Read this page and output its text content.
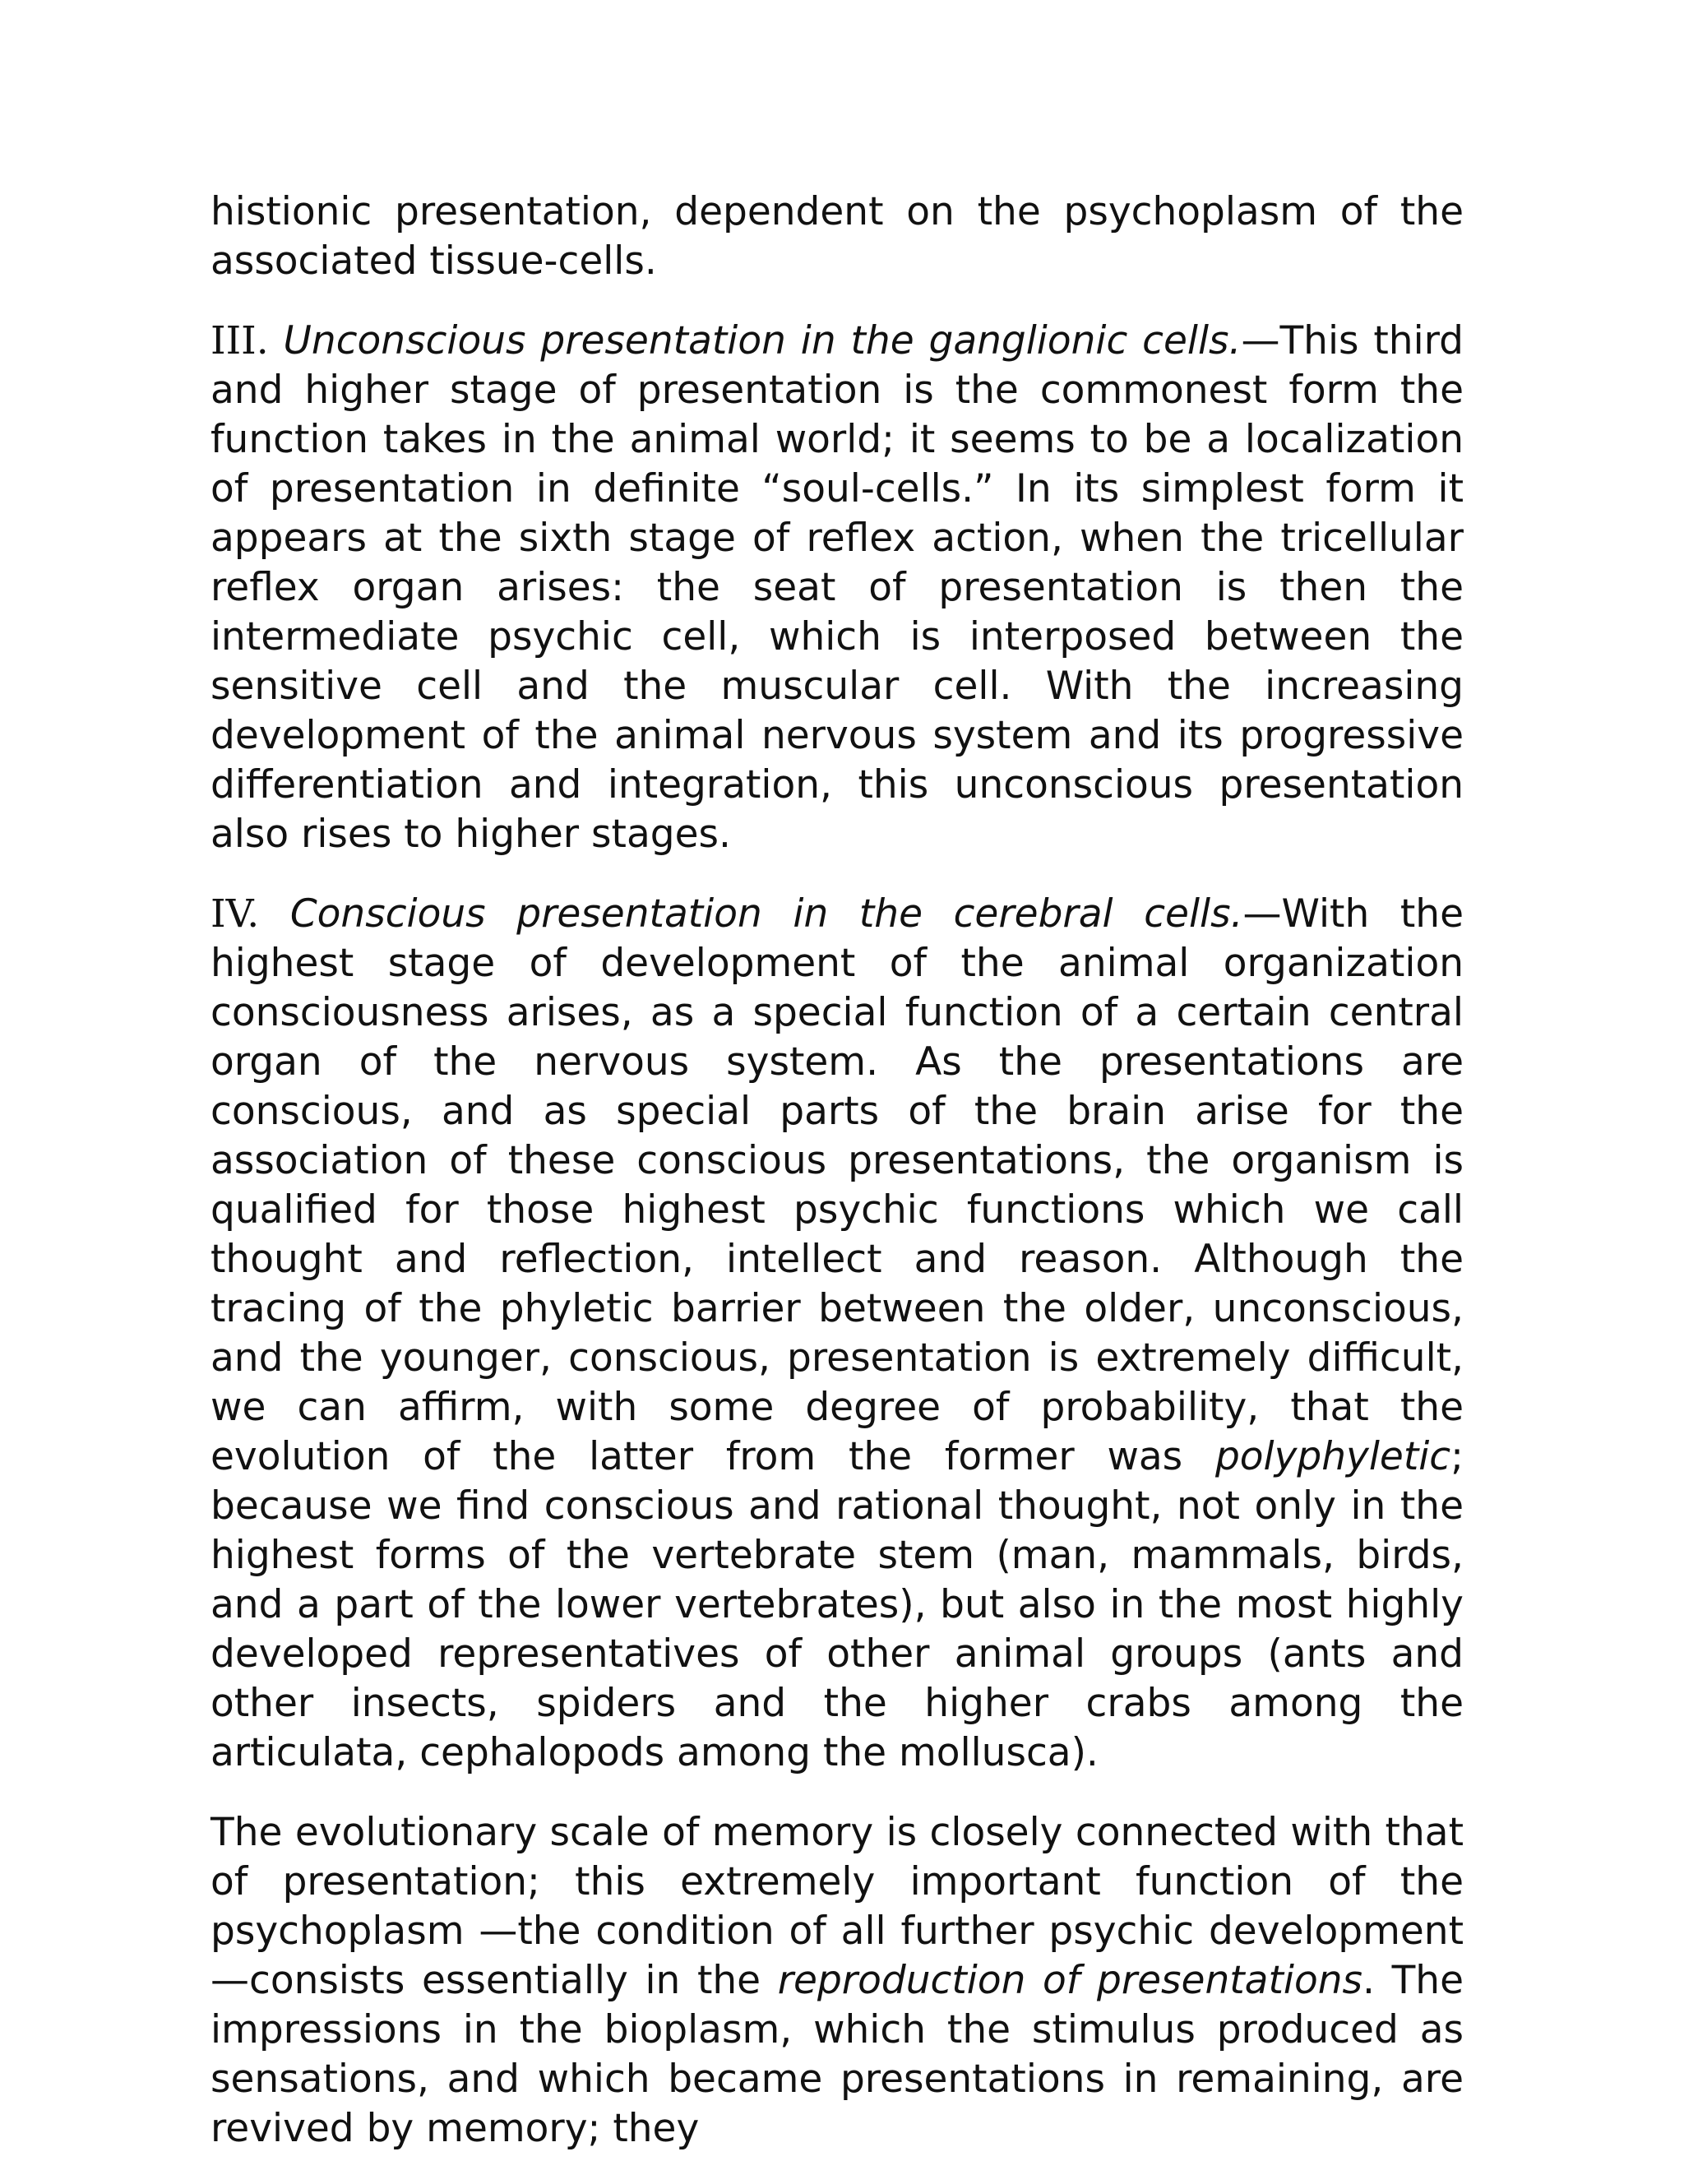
histionic presentation, dependent on the psychoplasm of the associated tissue-cells.

III. Unconscious presentation in the ganglionic cells.—This third and higher stage of presentation is the commonest form the function takes in the animal world; it seems to be a localization of presentation in definite “soul-cells.” In its simplest form it appears at the sixth stage of reflex action, when the tricellular reflex organ arises: the seat of presentation is then the intermediate psychic cell, which is interposed between the sensitive cell and the muscular cell. With the increasing development of the animal nervous system and its progressive differentiation and integration, this unconscious presentation also rises to higher stages.

IV. Conscious presentation in the cerebral cells.—With the highest stage of development of the animal organization consciousness arises, as a special function of a certain central organ of the nervous system. As the presentations are conscious, and as special parts of the brain arise for the association of these conscious presentations, the organism is qualified for those highest psychic functions which we call thought and reflection, intellect and reason. Although the tracing of the phyletic barrier between the older, unconscious, and the younger, conscious, presentation is extremely difficult, we can affirm, with some degree of probability, that the evolution of the latter from the former was polyphyletic; because we find conscious and rational thought, not only in the highest forms of the vertebrate stem (man, mammals, birds, and a part of the lower vertebrates), but also in the most highly developed representatives of other animal groups (ants and other insects, spiders and the higher crabs among the articulata, cephalopods among the mollusca).

The evolutionary scale of memory is closely connected with that of presentation; this extremely important function of the psychoplasm —the condition of all further psychic development—consists essentially in the reproduction of presentations. The impressions in the bioplasm, which the stimulus produced as sensations, and which became presentations in remaining, are revived by memory; they
